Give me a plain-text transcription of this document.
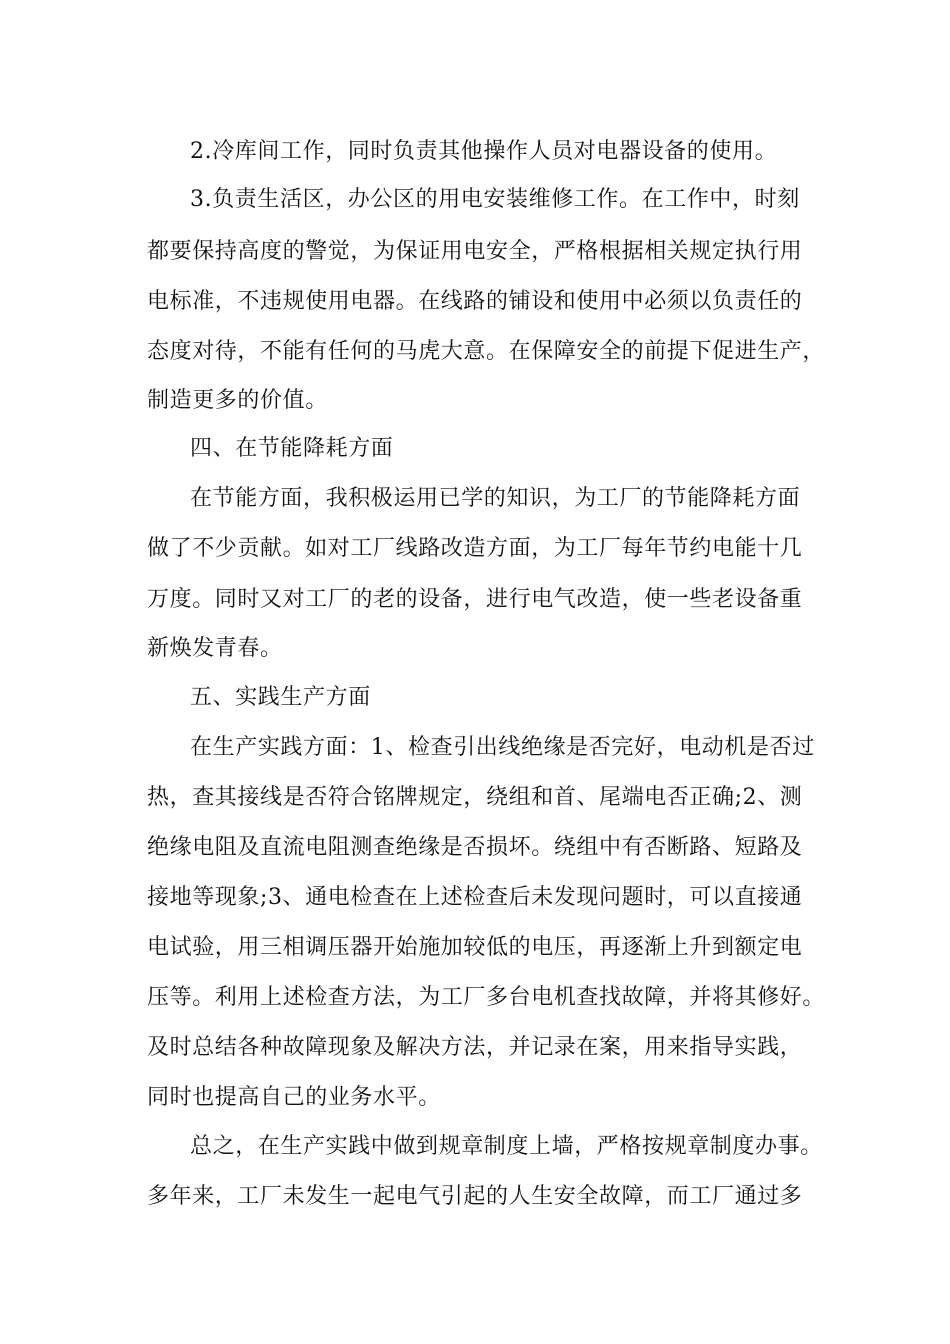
2.冷库间工作，同时负责其他操作人员对电器设备的使用。
3.负责生活区，办公区的用电安装维修工作。在工作中，时刻
都要保持高度的警觉，为保证用电安全，严格根据相关规定执行用
电标准，不违规使用电器。在线路的铺设和使用中必须以负责任的
态度对待，不能有任何的马虎大意。在保障安全的前提下促进生产，
制造更多的价值。
四、在节能降耗方面
在节能方面，我积极运用已学的知识，为工厂的节能降耗方面
做了不少贡献。如对工厂线路改造方面，为工厂每年节约电能十几
万度。同时又对工厂的老的设备，进行电气改造，使一些老设备重
新焕发青春。
五、实践生产方面
在生产实践方面：1、检查引出线绝缘是否完好，电动机是否过
热，查其接线是否符合铭牌规定，绕组和首、尾端电否正确;2、测
绝缘电阻及直流电阻测查绝缘是否损坏。绕组中有否断路、短路及
接地等现象;3、通电检查在上述检查后未发现问题时，可以直接通
电试验，用三相调压器开始施加较低的电压，再逐渐上升到额定电
压等。利用上述检查方法，为工厂多台电机查找故障，并将其修好。
及时总结各种故障现象及解决方法，并记录在案，用来指导实践，
同时也提高自己的业务水平。
总之，在生产实践中做到规章制度上墙，严格按规章制度办事。
多年来，工厂未发生一起电气引起的人生安全故障，而工厂通过多
